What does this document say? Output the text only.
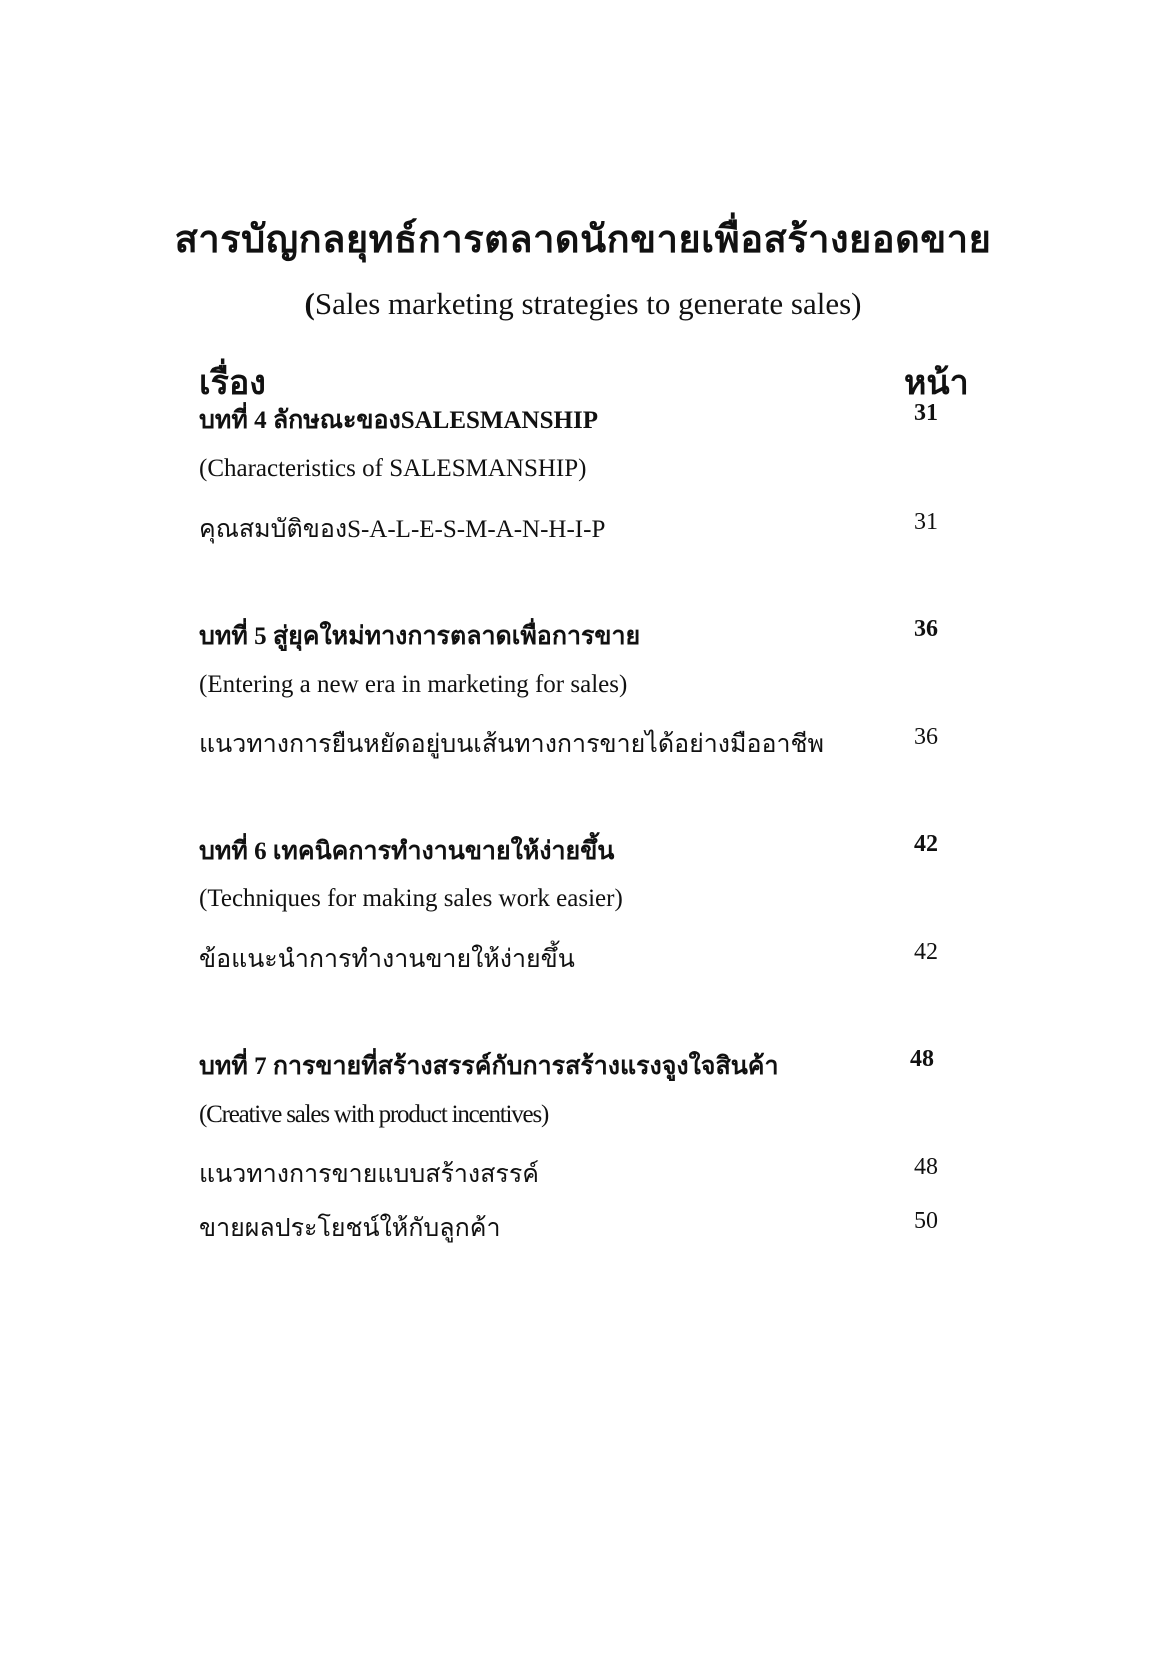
สารบัญกลยุทธ์การตลาดนักขายเพื่อสร้างยอดขาย
(Sales marketing strategies to generate sales)
เรื่อง	หน้า
บทที่ 4 ลักษณะของSALESMANSHIP	31
(Characteristics of SALESMANSHIP)
คุณสมบัติของS-A-L-E-S-M-A-N-H-I-P	31
บทที่ 5 สู่ยุคใหม่ทางการตลาดเพื่อการขาย	36
(Entering a new era in marketing for sales)
แนวทางการยืนหยัดอยู่บนเส้นทางการขายได้อย่างมืออาชีพ	36
บทที่ 6 เทคนิคการทำงานขายให้ง่ายขึ้น	42
(Techniques for making sales work easier)
ข้อแนะนำการทำงานขายให้ง่ายขึ้น	42
บทที่ 7 การขายที่สร้างสรรค์กับการสร้างแรงจูงใจสินค้า	48
(Creative sales with product incentives)
แนวทางการขายแบบสร้างสรรค์	48
ขายผลประโยชน์ให้กับลูกค้า	50
